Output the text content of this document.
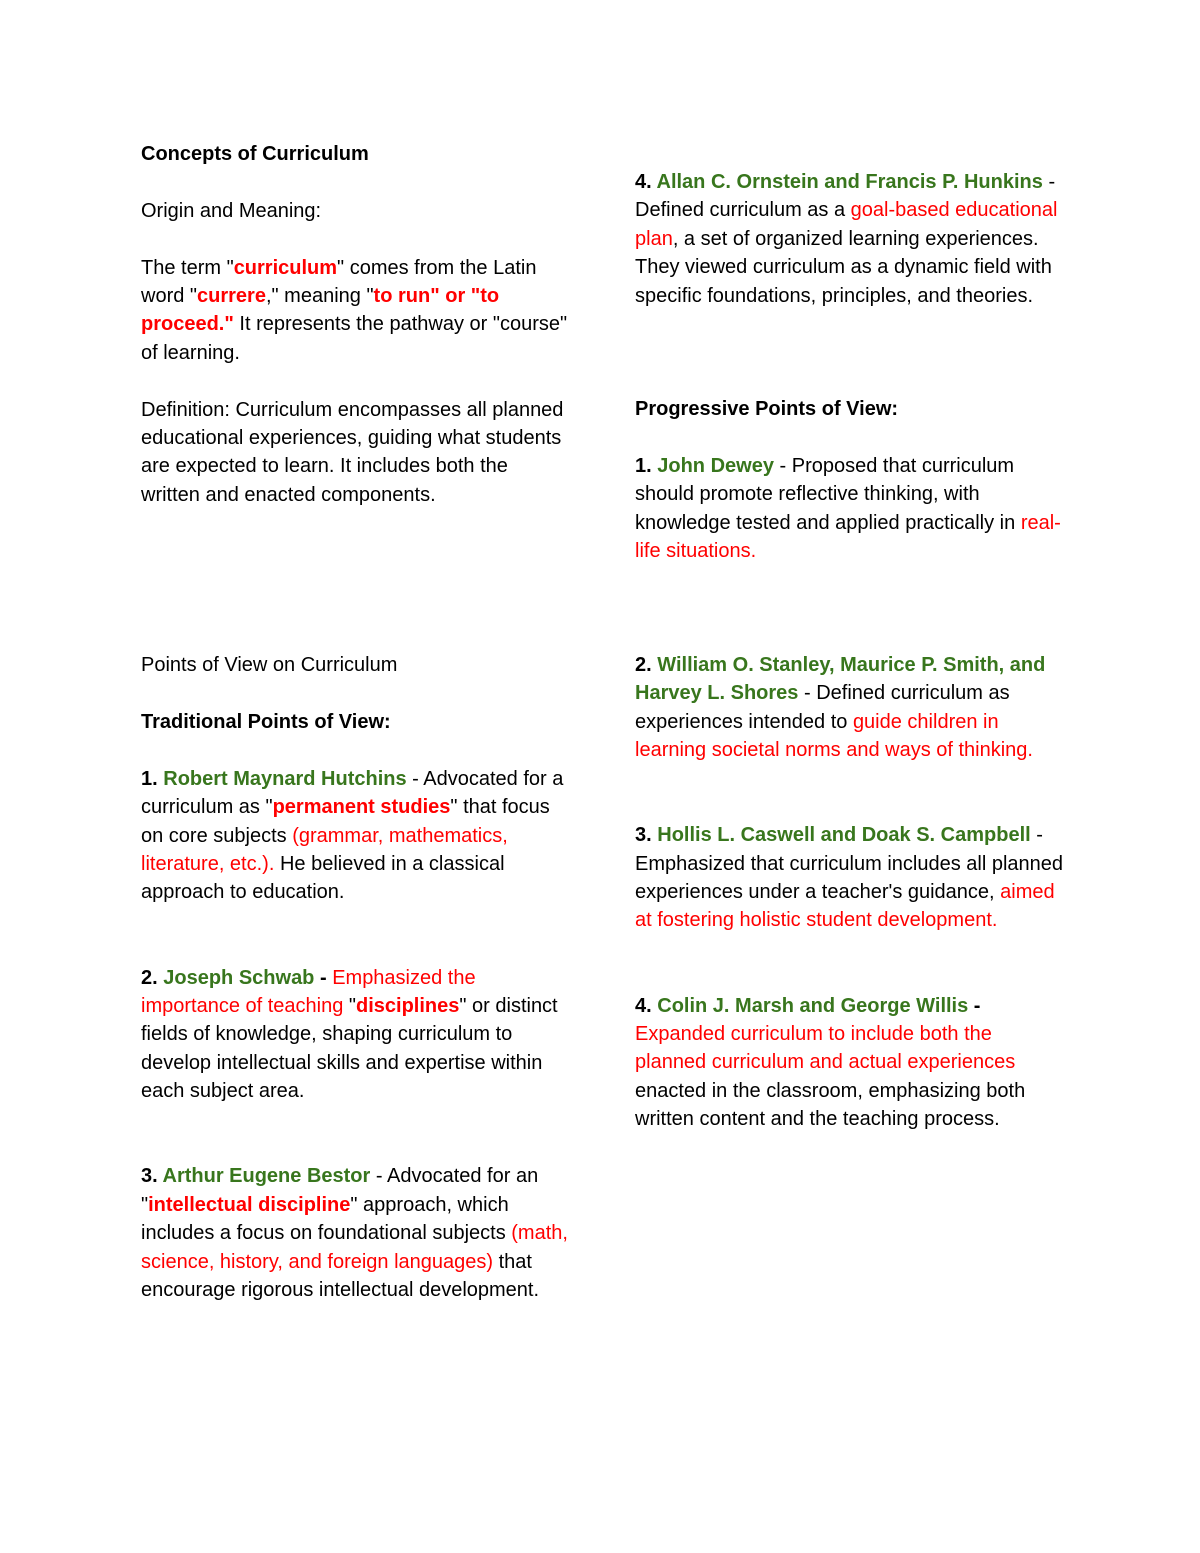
Concepts of Curriculum

Origin and Meaning:

The term "curriculum" comes from the Latin word "currere," meaning "to run" or "to proceed." It represents the pathway or "course" of learning.

Definition: Curriculum encompasses all planned educational experiences, guiding what students are expected to learn. It includes both the written and enacted components.

Points of View on Curriculum

Traditional Points of View:

1. Robert Maynard Hutchins - Advocated for a curriculum as "permanent studies" that focus on core subjects (grammar, mathematics, literature, etc.). He believed in a classical approach to education.

2. Joseph Schwab - Emphasized the importance of teaching "disciplines" or distinct fields of knowledge, shaping curriculum to develop intellectual skills and expertise within each subject area.

3. Arthur Eugene Bestor - Advocated for an "intellectual discipline" approach, which includes a focus on foundational subjects (math, science, history, and foreign languages) that encourage rigorous intellectual development.

4. Allan C. Ornstein and Francis P. Hunkins - Defined curriculum as a goal-based educational plan, a set of organized learning experiences. They viewed curriculum as a dynamic field with specific foundations, principles, and theories.

Progressive Points of View:

1. John Dewey - Proposed that curriculum should promote reflective thinking, with knowledge tested and applied practically in real-life situations.

2. William O. Stanley, Maurice P. Smith, and Harvey L. Shores - Defined curriculum as experiences intended to guide children in learning societal norms and ways of thinking.

3. Hollis L. Caswell and Doak S. Campbell - Emphasized that curriculum includes all planned experiences under a teacher's guidance, aimed at fostering holistic student development.

4. Colin J. Marsh and George Willis - Expanded curriculum to include both the planned curriculum and actual experiences enacted in the classroom, emphasizing both written content and the teaching process.
